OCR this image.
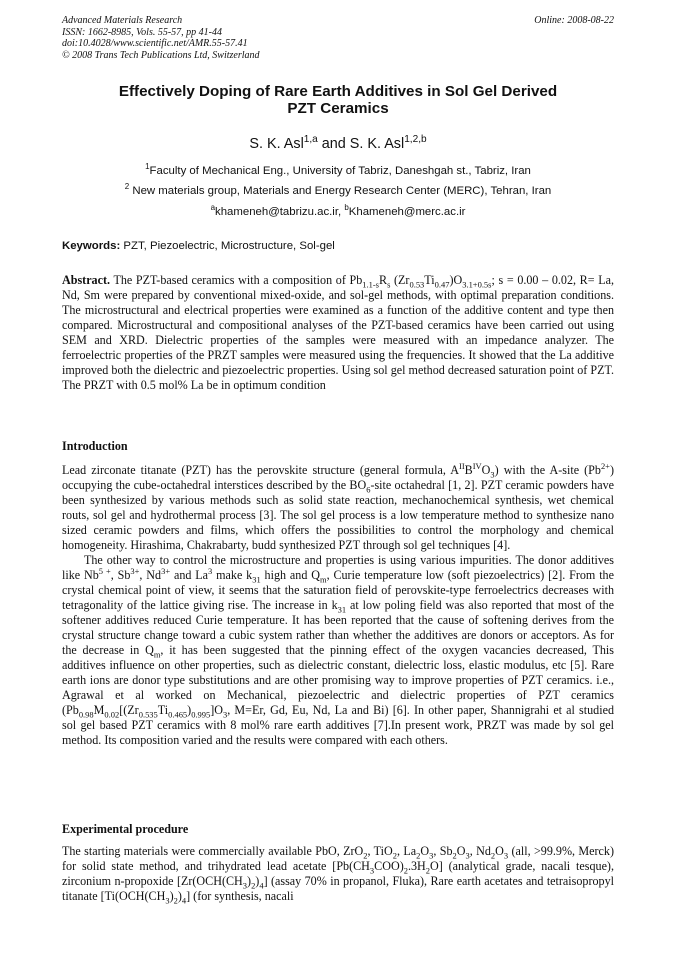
Advanced Materials Research
ISSN: 1662-8985, Vols. 55-57, pp 41-44
doi:10.4028/www.scientific.net/AMR.55-57.41
© 2008 Trans Tech Publications Ltd, Switzerland
Online: 2008-08-22
Effectively Doping of Rare Earth Additives in Sol Gel Derived
PZT Ceramics
S. K. Asl$^{1,a}$ and S. K. Asl$^{1,2,b}$
$^1$Faculty of Mechanical Eng., University of Tabriz, Daneshgah st., Tabriz, Iran
$^2$ New materials group, Materials and Energy Research Center (MERC), Tehran, Iran
$^a$khameneh@tabrizu.ac.ir, $^b$Khameneh@merc.ac.ir
Keywords: PZT, Piezoelectric, Microstructure, Sol-gel
Abstract. The PZT-based ceramics with a composition of $Pb_{1.1-s}R_s$ $(Zr_{0.53}Ti_{0.47})O_{3.1+0.5s}$; s = 0.00 – 0.02, R= La, Nd, Sm were prepared by conventional mixed-oxide, and sol-gel methods, with optimal preparation conditions. The microstructural and electrical properties were examined as a function of the additive content and type then compared. Microstructural and compositional analyses of the PZT-based ceramics have been carried out using SEM and XRD. Dielectric properties of the samples were measured with an impedance analyzer. The ferroelectric properties of the PRZT samples were measured using the frequencies. It showed that the La additive improved both the dielectric and piezoelectric properties. Using sol gel method decreased saturation point of PZT. The PRZT with 0.5 mol% La be in optimum condition
Introduction

Lead zirconate titanate (PZT) has the perovskite structure (general formula, $A^{II}B^{IV}O_3$) with the A-site $(Pb^{2+})$ occupying the cube-octahedral interstices described by the $BO_6$-site octahedral [1, 2]. PZT ceramic powders have been synthesized by various methods such as solid state reaction, mechanochemical synthesis, wet chemical routs, sol gel and hydrothermal process [3]. The sol gel process is a low temperature method to synthesize nano sized ceramic powders and films, which offers the possibilities to control the morphology and chemical homogeneity. Hirashima, Chakrabarty, budd synthesized PZT through sol gel techniques [4].

The other way to control the microstructure and properties is using various impurities. The donor additives like $Nb^{5 +}$, $Sb^{3+}$, $Nd^{3+}$ and La$^3$ make $k_{31}$ high and $Q_m$, Curie temperature low (soft piezoelectrics) [2]. From the crystal chemical point of view, it seems that the saturation field of perovskite-type ferroelectrics decreases with tetragonality of the lattice giving rise. The increase in $k_{31}$ at low poling field was also reported that most of the softener additives reduced Curie temperature. It has been reported that the cause of softening derives from the crystal structure change toward a cubic system rather than whether the additives are donors or acceptors. As for the decrease in $Q_m$, it has been suggested that the pinning effect of the oxygen vacancies decreased, This additives influence on other properties, such as dielectric constant, dielectric loss, elastic modulus, etc [5]. Rare earth ions are donor type substitutions and are other promising way to improve properties of PZT ceramics. i.e., Agrawal et al worked on Mechanical, piezoelectric and dielectric properties of PZT ceramics ($Pb_{0.98}M_{0.02}[(Zr_{0.535}Ti_{0.465})_{0.995}]O_3$, M=Er, Gd, Eu, Nd, La and Bi) [6]. In other paper, Shannigrahi et al studied sol gel based PZT ceramics with 8 mol% rare earth additives [7].In present work, PRZT was made by sol gel method. Its composition varied and the results were compared with each others.

Experimental procedure
The starting materials were commercially available PbO, ZrO$_2$, TiO$_2$, $La_2O_3$, $Sb_2O_3$, $Nd_2O_3$ (all, >99.9%, Merck) for solid state method, and trihydrated lead acetate $[Pb(CH_3COO)_2.3H_2O]$ (analytical grade, nacali tesque), zirconium n-propoxide $[Zr(OCH(CH_3)_2)_4]$ (assay 70% in propanol, Fluka), Rare earth acetates and tetraisopropyl titanate $[Ti(OCH(CH_3)_2)_4]$ (for synthesis, nacali
